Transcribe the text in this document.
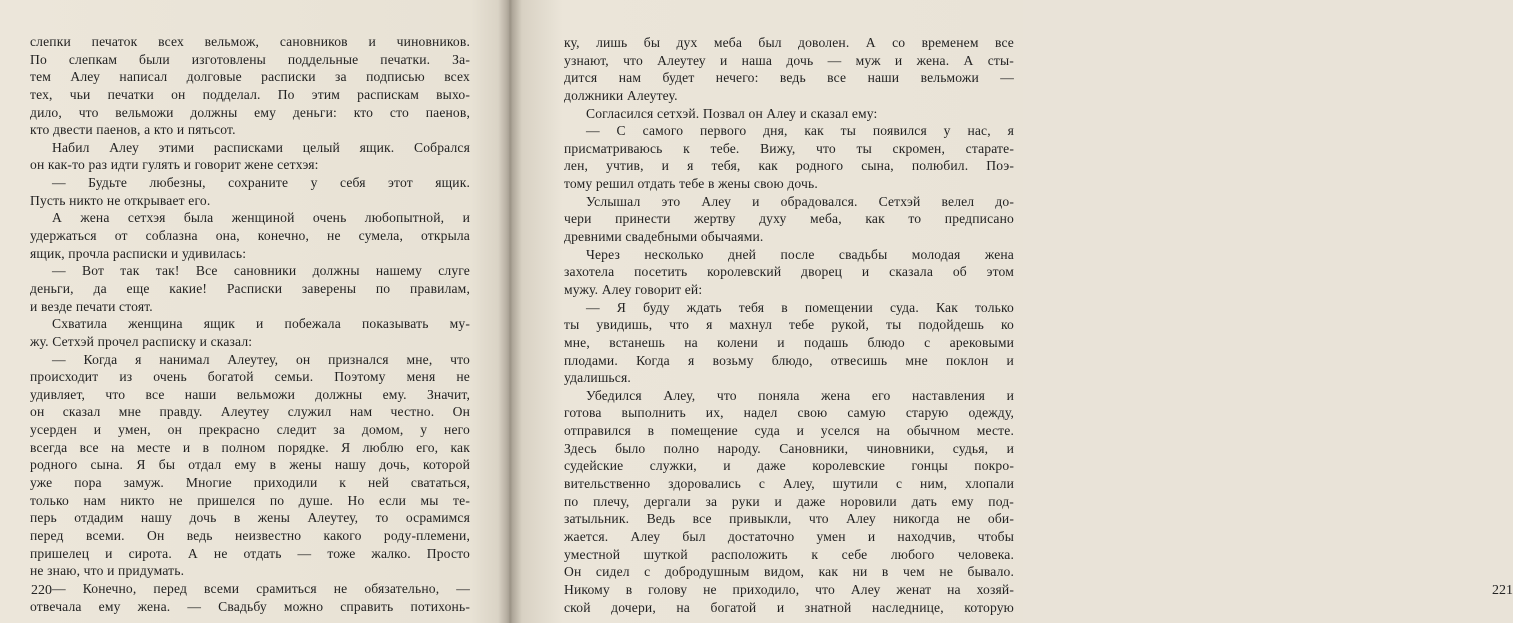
слепки печаток всех вельмож, сановников и чиновников.
По слепкам были изготовлены поддельные печатки. За-
тем Алеу написал долговые расписки за подписью всех
тех, чьи печатки он подделал. По этим распискам выхо-
дило, что вельможи должны ему деньги: кто сто паенов,
кто двести паенов, а кто и пятьсот.
Набил Алеу этими расписками целый ящик. Собрался
он как-то раз идти гулять и говорит жене сетхэя:
— Будьте любезны, сохраните у себя этот ящик.
Пусть никто не открывает его.
А жена сетхэя была женщиной очень любопытной, и
удержаться от соблазна она, конечно, не сумела, открыла
ящик, прочла расписки и удивилась:
— Вот так так! Все сановники должны нашему слуге
деньги, да еще какие! Расписки заверены по правилам,
и везде печати стоят.
Схватила женщина ящик и побежала показывать му-
жу. Сетхэй прочел расписку и сказал:
— Когда я нанимал Алеутеу, он признался мне, что
происходит из очень богатой семьи. Поэтому меня не
удивляет, что все наши вельможи должны ему. Значит,
он сказал мне правду. Алеутеу служил нам честно. Он
усерден и умен, он прекрасно следит за домом, у него
всегда все на месте и в полном порядке. Я люблю его, как
родного сына. Я бы отдал ему в жены нашу дочь, которой
уже пора замуж. Многие приходили к ней свататься,
только нам никто не пришелся по душе. Но если мы те-
перь отдадим нашу дочь в жены Алеутеу, то осрамимся
перед всеми. Он ведь неизвестно какого роду-племени,
пришелец и сирота. А не отдать — тоже жалко. Просто
не знаю, что и придумать.
— Конечно, перед всеми срамиться не обязательно, —
отвечала ему жена. — Свадьбу можно справить потихонь-
220
ку, лишь бы дух меба был доволен. А со временем все
узнают, что Алеутеу и наша дочь — муж и жена. А сты-
дится нам будет нечего: ведь все наши вельможи —
должники Алеутеу.
Согласился сетхэй. Позвал он Алеу и сказал ему:
— С самого первого дня, как ты появился у нас, я
присматриваюсь к тебе. Вижу, что ты скромен, старате-
лен, учтив, и я тебя, как родного сына, полюбил. Поэ-
тому решил отдать тебе в жены свою дочь.
Услышал это Алеу и обрадовался. Сетхэй велел до-
чери принести жертву духу меба, как то предписано
древними свадебными обычаями.
Через несколько дней после свадьбы молодая жена
захотела посетить королевский дворец и сказала об этом
мужу. Алеу говорит ей:
— Я буду ждать тебя в помещении суда. Как только
ты увидишь, что я махнул тебе рукой, ты подойдешь ко
мне, встанешь на колени и подашь блюдо с арековыми
плодами. Когда я возьму блюдо, отвесишь мне поклон и
удалишься.
Убедился Алеу, что поняла жена его наставления и
готова выполнить их, надел свою самую старую одежду,
отправился в помещение суда и уселся на обычном месте.
Здесь было полно народу. Сановники, чиновники, судья, и
судейские служки, и даже королевские гонцы покро-
вительственно здоровались с Алеу, шутили с ним, хлопали
по плечу, дергали за руки и даже норовили дать ему под-
затыльник. Ведь все привыкли, что Алеу никогда не оби-
жается. Алеу был достаточно умен и находчив, чтобы
уместной шуткой расположить к себе любого человека.
Он сидел с добродушным видом, как ни в чем не бывало.
Никому в голову не приходило, что Алеу женат на хозяй-
ской дочери, на богатой и знатной наследнице, которую
221
